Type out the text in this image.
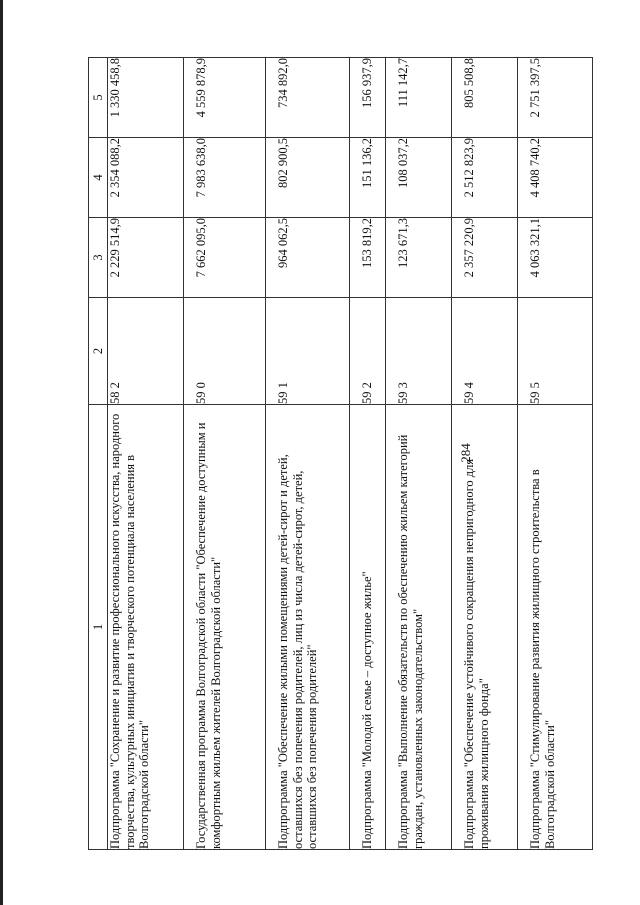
284
1	2	3	4	5
Подпрограмма "Сохранение и развитие профессионального искусства, народного творчества, культурных инициатив и творческого потенциала населения в Волгоградской области"	58 2	2 229 514,9	2 354 088,2	1 330 458,8
Государственная программа Волгоградской области "Обеспечение доступным и комфортным жильем жителей Волгоградской области"	59 0	7 662 095,0	7 983 638,0	4 559 878,9
Подпрограмма "Обеспечение жилыми помещениями детей-сирот и детей, оставшихся без попечения родителей, лиц из числа детей-сирот, детей, оставшихся без попечения родителей"	59 1	964 062,5	802 900,5	734 892,0
Подпрограмма "Молодой семье – доступное жилье"	59 2	153 819,2	151 136,2	156 937,9
Подпрограмма "Выполнение обязательств по обеспечению жильем категорий граждан, установленных законодательством"	59 3	123 671,3	108 037,2	111 142,7
Подпрограмма "Обеспечение устойчивого сокращения непригодного для проживания жилищного фонда"	59 4	2 357 220,9	2 512 823,9	805 508,8
Подпрограмма "Стимулирование развития жилищного строительства в Волгоградской области"	59 5	4 063 321,1	4 408 740,2	2 751 397,5
